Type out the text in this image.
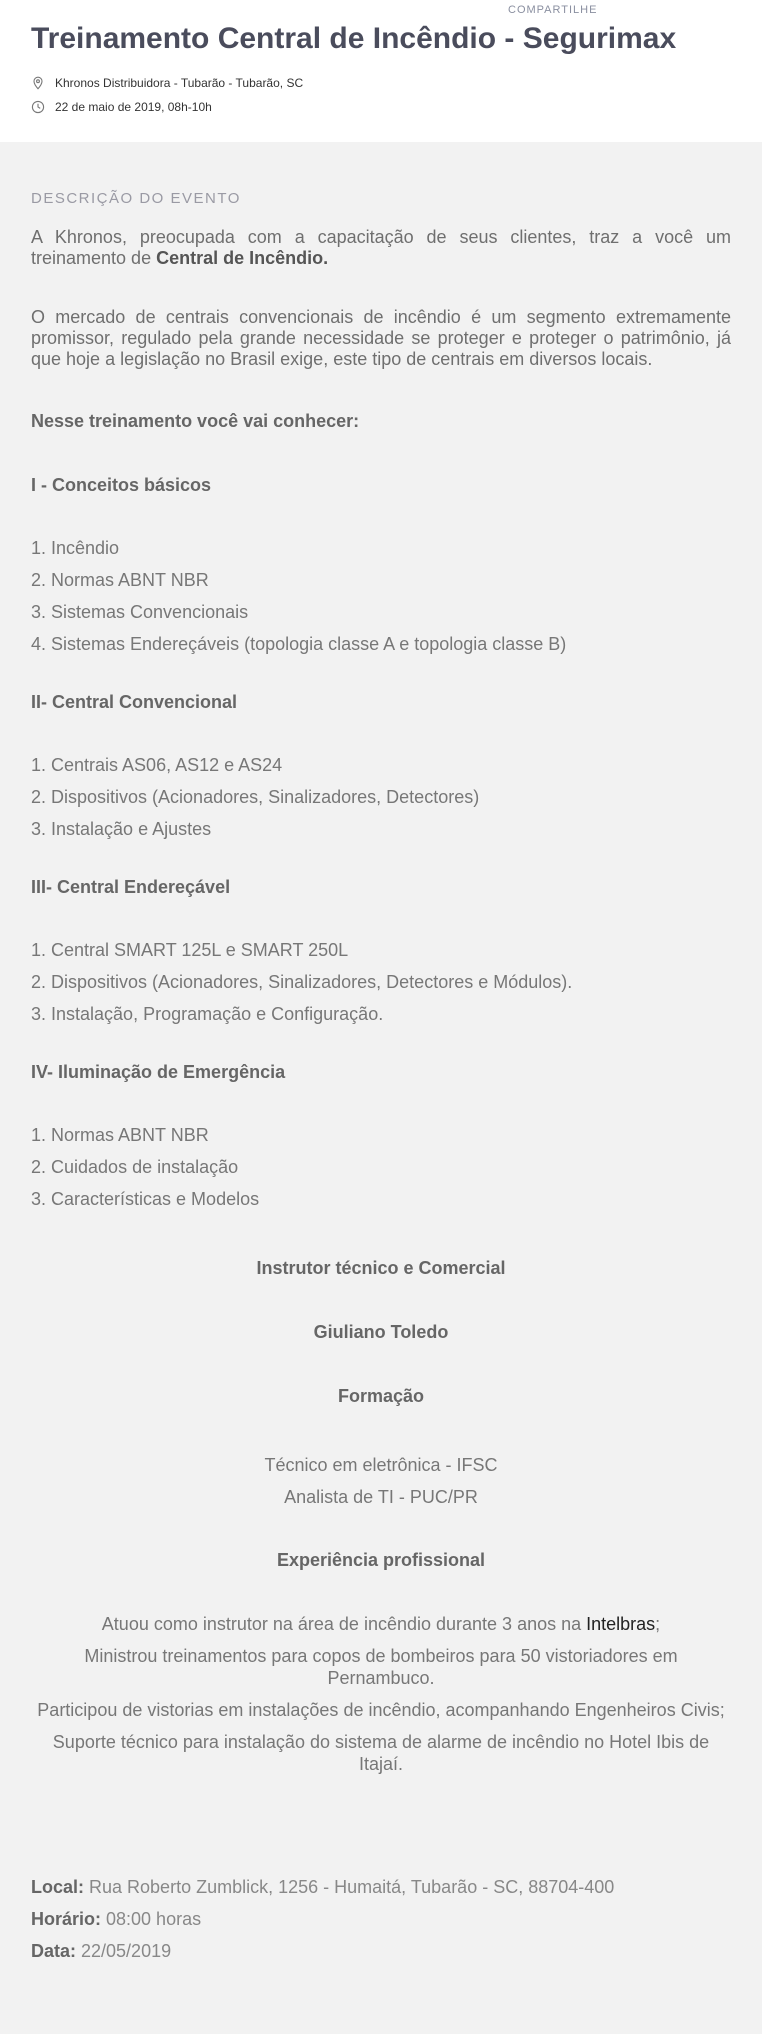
COMPARTILHE
Treinamento Central de Incêndio - Segurimax
Khronos Distribuidora - Tubarão - Tubarão, SC
22 de maio de 2019, 08h-10h
DESCRIÇÃO DO EVENTO

A Khronos, preocupada com a capacitação de seus clientes, traz a você um treinamento de Central de Incêndio.

O mercado de centrais convencionais de incêndio é um segmento extremamente promissor, regulado pela grande necessidade se proteger e proteger o patrimônio, já que hoje a legislação no Brasil exige, este tipo de centrais em diversos locais.

Nesse treinamento você vai conhecer:

I - Conceitos básicos

1. Incêndio
2. Normas ABNT NBR
3. Sistemas Convencionais
4. Sistemas Endereçáveis (topologia classe A e topologia classe B)

II- Central Convencional

1. Centrais AS06, AS12 e AS24
2. Dispositivos (Acionadores, Sinalizadores, Detectores)
3. Instalação e Ajustes

III- Central Endereçável

1. Central SMART 125L e SMART 250L
2. Dispositivos (Acionadores, Sinalizadores, Detectores e Módulos).
3. Instalação, Programação e Configuração.

IV- Iluminação de Emergência

1. Normas ABNT NBR
2. Cuidados de instalação
3. Características e Modelos

Instrutor técnico e Comercial

Giuliano Toledo

Formação

Técnico em eletrônica - IFSC

Analista de TI - PUC/PR

Experiência profissional

Atuou como instrutor na área de incêndio durante 3 anos na Intelbras;

Ministrou treinamentos para copos de bombeiros para 50 vistoriadores em Pernambuco.

Participou de vistorias em instalações de incêndio, acompanhando Engenheiros Civis;

Suporte técnico para instalação do sistema de alarme de incêndio no Hotel Ibis de Itajaí.

Local: Rua Roberto Zumblick, 1256 - Humaitá, Tubarão - SC, 88704-400
Horário: 08:00 horas
Data: 22/05/2019
